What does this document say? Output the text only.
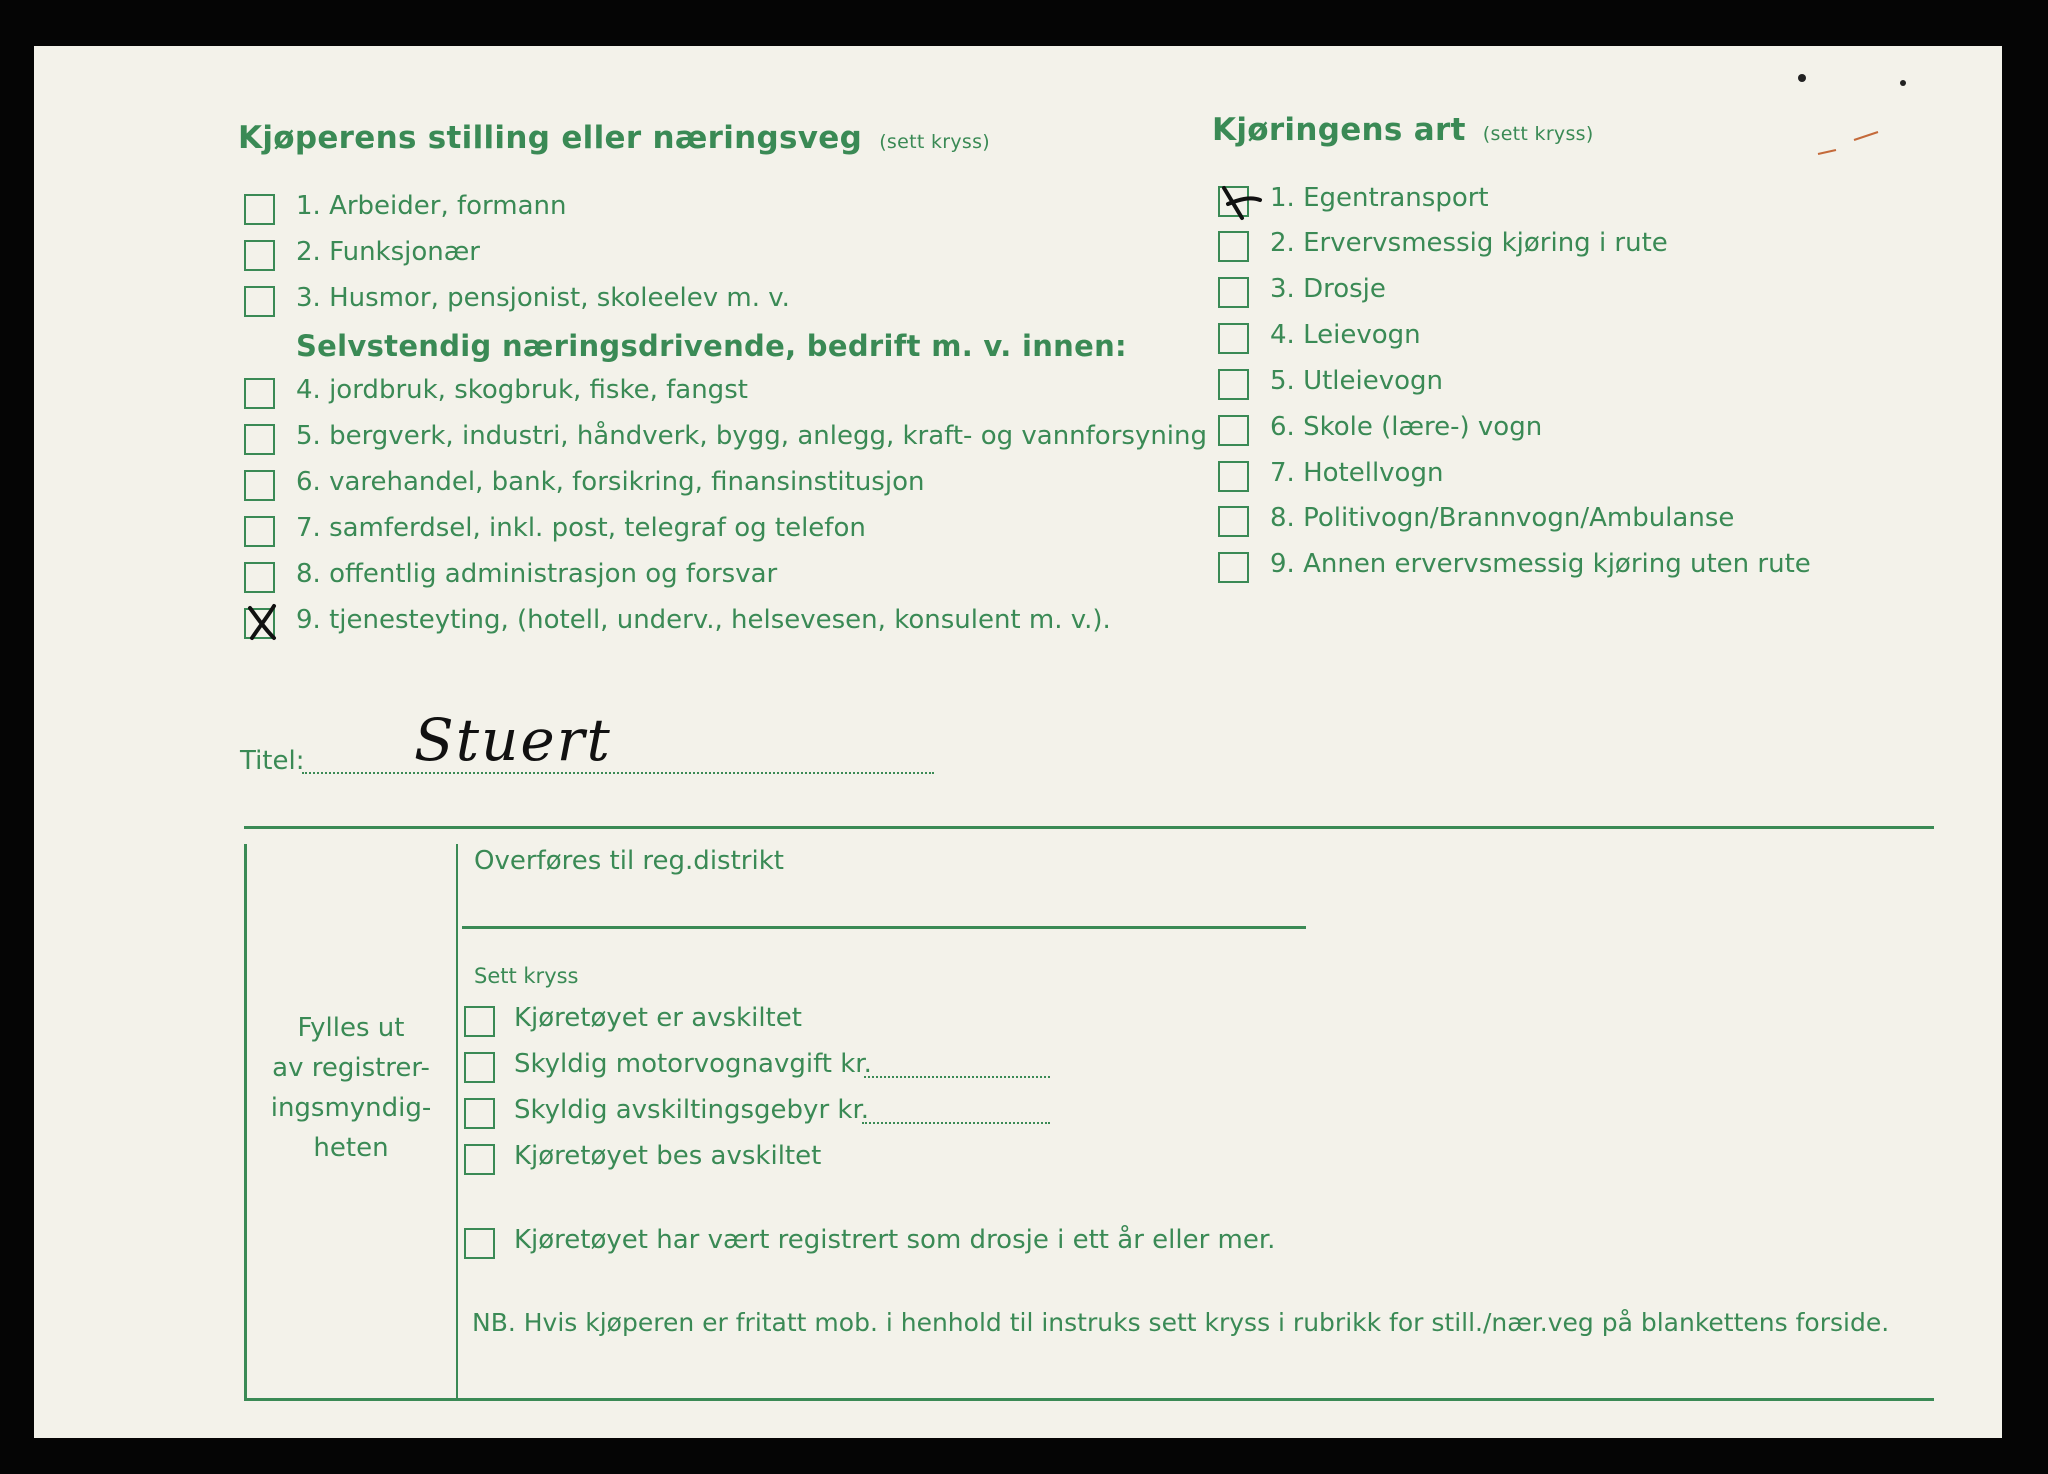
Kjøperens stilling eller næringsveg (sett kryss)
1. Arbeider, formann
2. Funksjonær
3. Husmor, pensjonist, skoleelev m. v.
Selvstendig næringsdrivende, bedrift m. v. innen:
4. jordbruk, skogbruk, fiske, fangst
5. bergverk, industri, håndverk, bygg, anlegg, kraft- og vannforsyning
6. varehandel, bank, forsikring, finansinstitusjon
7. samferdsel, inkl. post, telegraf og telefon
8. offentlig administrasjon og forsvar
9. tjenesteyting, (hotell, underv., helsevesen, konsulent m. v.).
Kjøringens art (sett kryss)
1. Egentransport
2. Ervervsmessig kjøring i rute
3. Drosje
4. Leievogn
5. Utleievogn
6. Skole (lære-) vogn
7. Hotellvogn
8. Politivogn/Brannvogn/Ambulanse
9. Annen ervervsmessig kjøring uten rute
Titel: Stuert
Fylles ut
av registrer-
ingsmyndig-
heten
Overføres til reg.distrikt
Sett kryss
Kjøretøyet er avskiltet
Skyldig motorvognavgift kr.
Skyldig avskiltingsgebyr kr.
Kjøretøyet bes avskiltet
Kjøretøyet har vært registrert som drosje i ett år eller mer.
NB. Hvis kjøperen er fritatt mob. i henhold til instruks sett kryss i rubrikk for still./nær.veg på blankettens forside.
